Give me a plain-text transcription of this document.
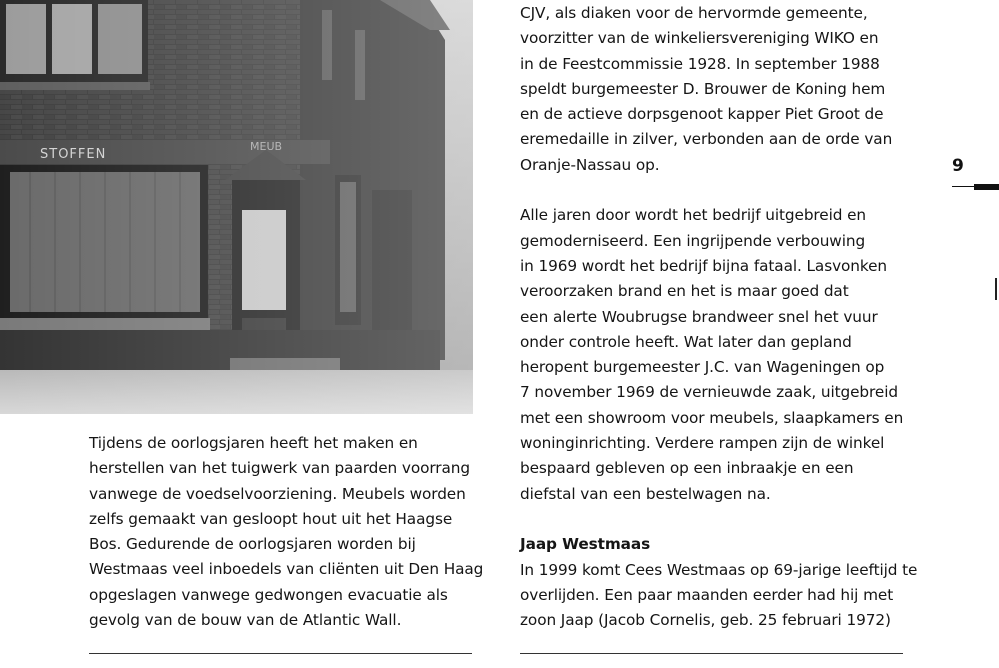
STOFFEN
MEUB
Tijdens de oorlogsjaren heeft het maken en
herstellen van het tuigwerk van paarden voorrang
vanwege de voedselvoorziening. Meubels worden
zelfs gemaakt van gesloopt hout uit het Haagse
Bos. Gedurende de oorlogsjaren worden bij
Westmaas veel inboedels van cliënten uit Den Haag
opgeslagen vanwege gedwongen evacuatie als
gevolg van de bouw van de Atlantic Wall.
CJV, als diaken voor de hervormde gemeente,
voorzitter van de winkeliersvereniging WIKO en
in de Feestcommissie 1928. In september 1988
speldt burgemeester D. Brouwer de Koning hem
en de actieve dorpsgenoot kapper Piet Groot de
eremedaille in zilver, verbonden aan de orde van
Oranje-Nassau op.
Alle jaren door wordt het bedrijf uitgebreid en
gemoderniseerd. Een ingrijpende verbouwing
in 1969 wordt het bedrijf bijna fataal. Lasvonken
veroorzaken brand en het is maar goed dat
een alerte Woubrugse brandweer snel het vuur
onder controle heeft. Wat later dan gepland
heropent burgemeester J.C. van Wageningen op
7 november 1969 de vernieuwde zaak, uitgebreid
met een showroom voor meubels, slaapkamers en
woninginrichting. Verdere rampen zijn de winkel
bespaard gebleven op een inbraakje en een
diefstal van een bestelwagen na.
Jaap Westmaas
In 1999 komt Cees Westmaas op 69-jarige leeftijd te
overlijden. Een paar maanden eerder had hij met
zoon Jaap (Jacob Cornelis, geb. 25 februari 1972)
9
